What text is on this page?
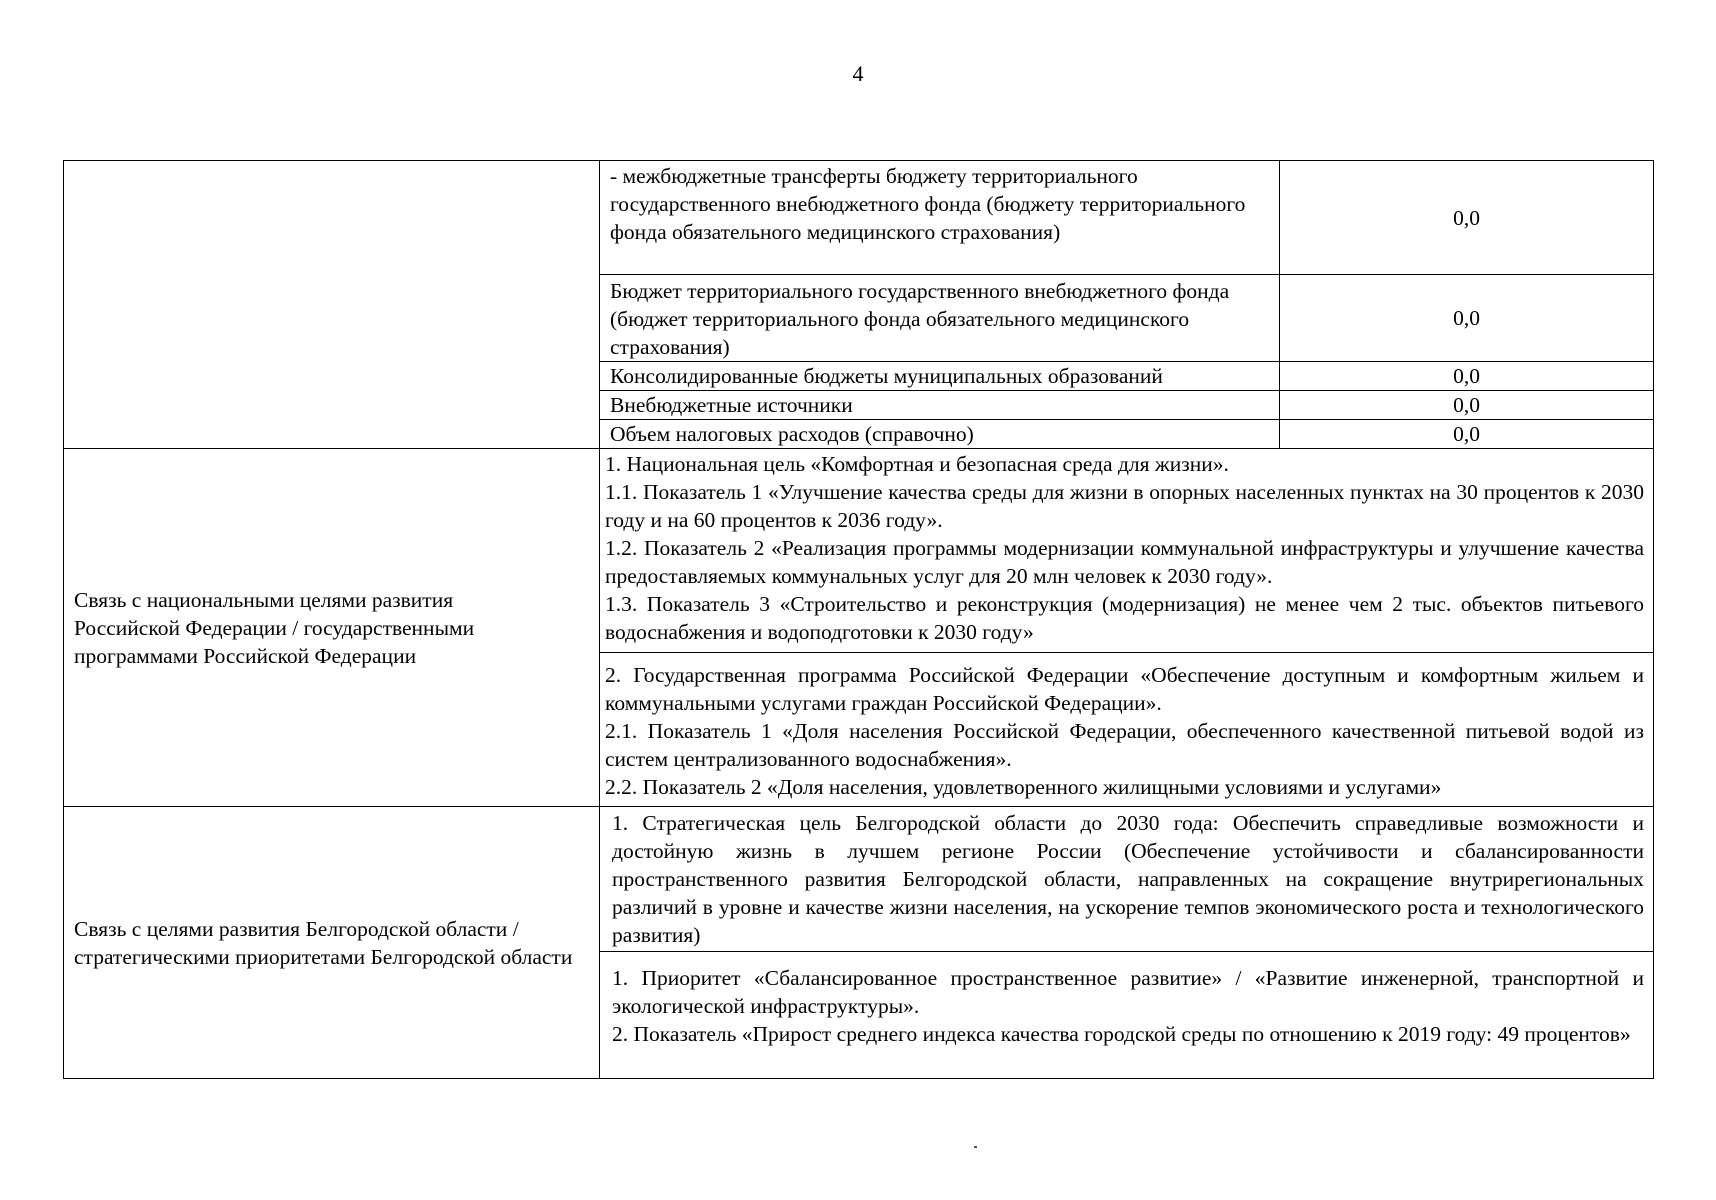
4
	- межбюджетные трансферты бюджету территориального государственного внебюджетного фонда (бюджету территориального фонда обязательного медицинского страхования)	0,0
	Бюджет территориального государственного внебюджетного фонда (бюджет территориального фонда обязательного медицинского страхования)	0,0
	Консолидированные бюджеты муниципальных образований	0,0
	Внебюджетные источники	0,0
	Объем налоговых расходов (справочно)	0,0
Связь с национальными целями развития Российской Федерации / государственными программами Российской Федерации	1. Национальная цель «Комфортная и безопасная среда для жизни».
1.1. Показатель 1 «Улучшение качества среды для жизни в опорных населенных пунктах на 30 процентов к 2030 году и на 60 процентов к 2036 году».
1.2. Показатель 2 «Реализация программы модернизации коммунальной инфраструктуры и улучшение качества предоставляемых коммунальных услуг для 20 млн человек к 2030 году».
1.3. Показатель 3 «Строительство и реконструкция (модернизация) не менее чем 2 тыс. объектов питьевого водоснабжения и водоподготовки к 2030 году»	

	2. Государственная программа Российской Федерации «Обеспечение доступным и комфортным жильем и коммунальными услугами граждан Российской Федерации».
2.1. Показатель 1 «Доля населения Российской Федерации, обеспеченного качественной питьевой водой из систем централизованного водоснабжения».
2.2. Показатель 2 «Доля населения, удовлетворенного жилищными условиями и услугами»	

Связь с целями развития Белгородской области / стратегическими приоритетами Белгородской области	1. Стратегическая цель Белгородской области до 2030 года: Обеспечить справедливые возможности и достойную жизнь в лучшем регионе России (Обеспечение устойчивости и сбалансированности пространственного развития Белгородской области, направленных на сокращение внутрирегиональных различий в уровне и качестве жизни населения, на ускорение темпов экономического роста и технологического развития)	

	1. Приоритет «Сбалансированное пространственное развитие» / «Развитие инженерной, транспортной и экологической инфраструктуры».
2. Показатель «Прирост среднего индекса качества городской среды по отношению к 2019 году: 49 процентов»	
